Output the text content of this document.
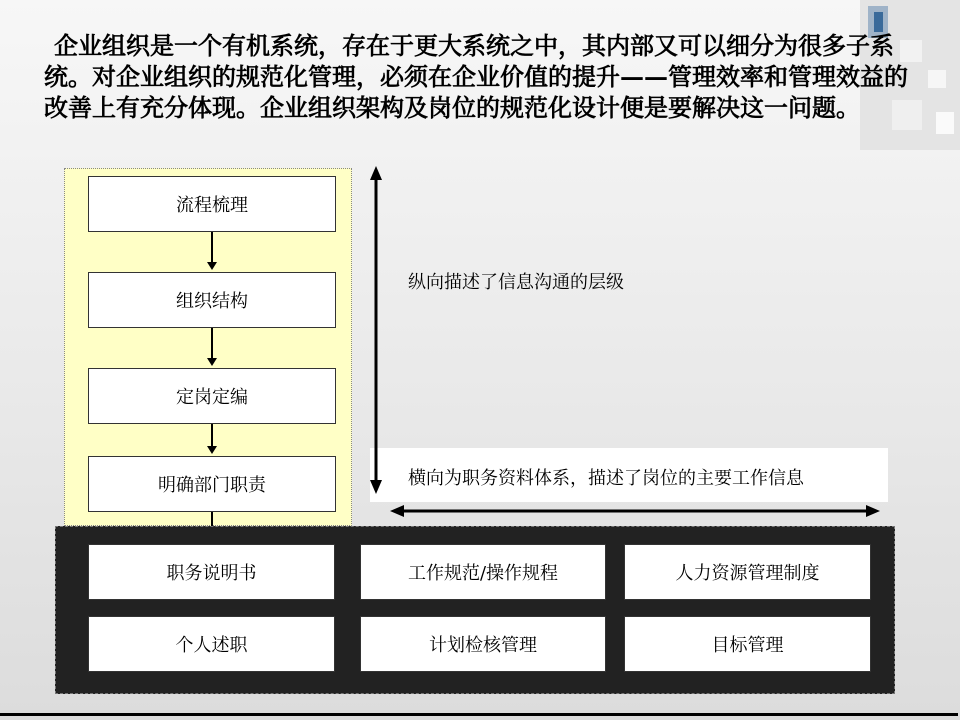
企业组织是一个有机系统，存在于更大系统之中，其内部又可以细分为很多子系统。对企业组织的规范化管理，必须在企业价值的提升——管理效率和管理效益的改善上有充分体现。企业组织架构及岗位的规范化设计便是要解决这一问题。

流程梳理
组织结构
定岗定编
明确部门职责
纵向描述了信息沟通的层级
横向为职务资料体系，描述了岗位的主要工作信息
职务说明书	工作规范/操作规程	人力资源管理制度
个人述职	计划检核管理	目标管理
